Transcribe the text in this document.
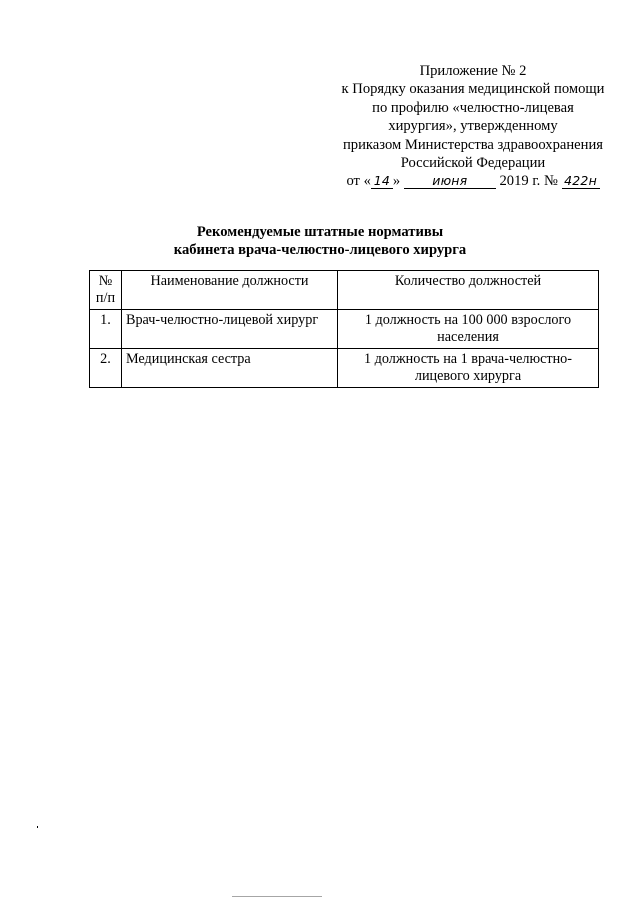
Приложение № 2
к Порядку оказания медицинской помощи
по профилю «челюстно-лицевая
хирургия», утвержденному
приказом Министерства здравоохранения
Российской Федерации
от « 14 »	июня 2019 г. № 422н
Рекомендуемые штатные нормативы
кабинета врача-челюстно-лицевого хирурга
№ п/п	Наименование должности	Количество должностей
1.	Врач-челюстно-лицевой хирург	1 должность на 100 000 взрослого населения
2.	Медицинская сестра	1 должность на 1 врача-челюстно-лицевого хирурга
